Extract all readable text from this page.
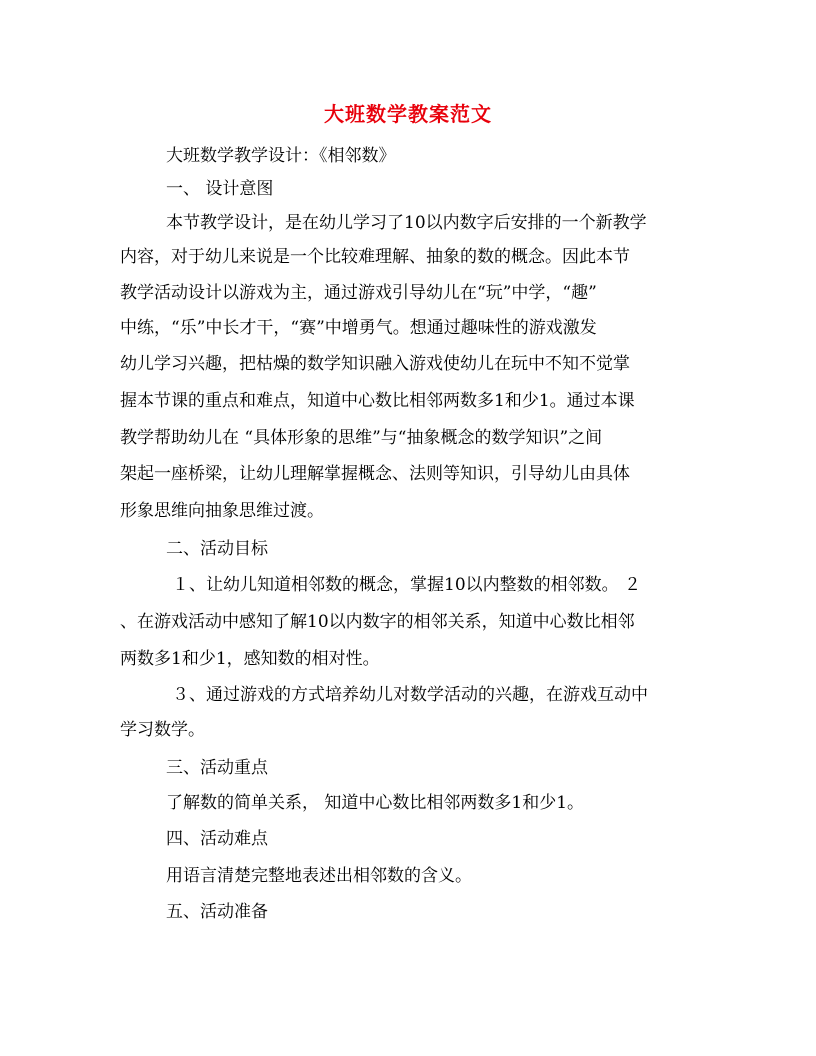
大班数学教案范文
大班数学教学设计：《相邻数》
一、 设计意图
本节教学设计，是在幼儿学习了10以内数字后安排的一个新教学
内容，对于幼儿来说是一个比较难理解、抽象的数的概念。因此本节
教学活动设计以游戏为主，通过游戏引导幼儿在“玩”中学，“趣”
中练，“乐”中长才干，“赛”中增勇气。想通过趣味性的游戏激发
幼儿学习兴趣，把枯燥的数学知识融入游戏使幼儿在玩中不知不觉掌
握本节课的重点和难点，知道中心数比相邻两数多1和少1。通过本课
教学帮助幼儿在 “具体形象的思维”与“抽象概念的数学知识”之间
架起一座桥梁，让幼儿理解掌握概念、法则等知识，引导幼儿由具体
形象思维向抽象思维过渡。
二、活动目标
１、让幼儿知道相邻数的概念，掌握10以内整数的相邻数。 ２
、在游戏活动中感知了解10以内数字的相邻关系，知道中心数比相邻
两数多1和少1，感知数的相对性。
３、通过游戏的方式培养幼儿对数学活动的兴趣，在游戏互动中
学习数学。
三、活动重点
了解数的简单关系， 知道中心数比相邻两数多1和少1。
四、活动难点
用语言清楚完整地表述出相邻数的含义。
五、活动准备
